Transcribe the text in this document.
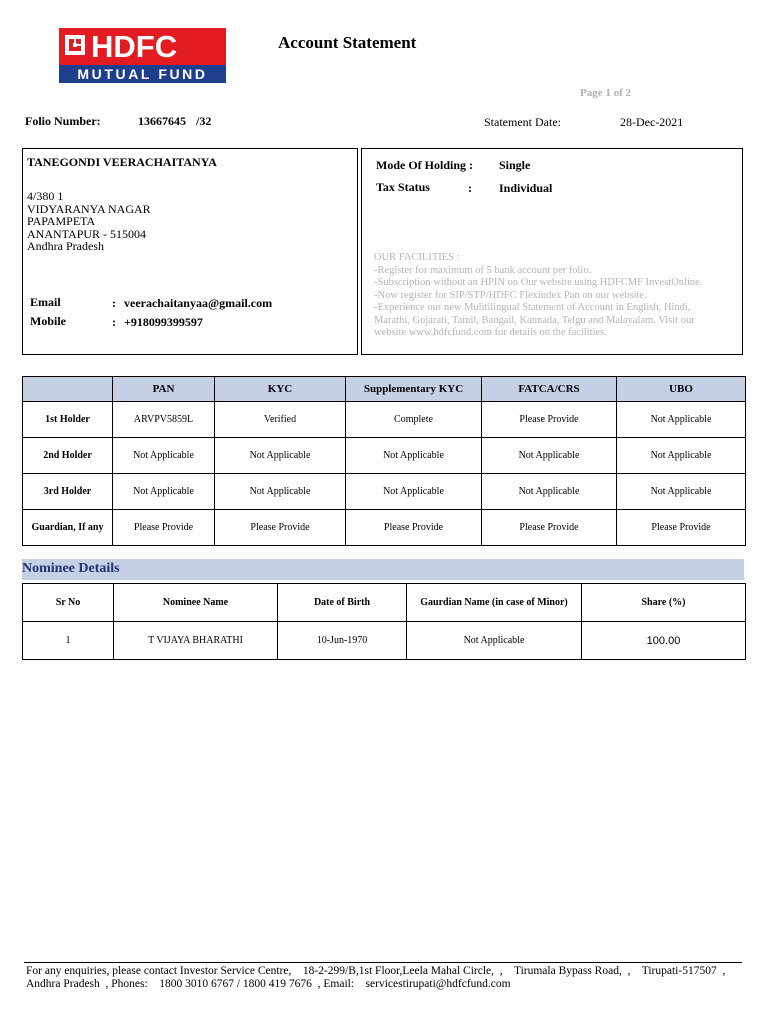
HDFC
MUTUAL FUND
Account Statement
Page 1 of 2
Folio Number:	13667645 /32	Statement Date:	28-Dec-2021
TANEGONDI VEERACHAITANYA
4/380 1
VIDYARANYA NAGAR
PAPAMPETA
ANANTAPUR - 515004
Andhra Pradesh
Email	: veerachaitanyaa@gmail.com
Mobile	: +918099399597
Mode Of Holding : Single
Tax Status	: Individual
OUR FACILITIES :
-Register for maximum of 5 bank account per folio.
-Subscription without an HPIN on Our website using HDFCMF InvestOnline.
-Now register for SIP/STP/HDFC Flexindex Pan on our website.
-Experience our new Mulitilingual Statement of Account in English, Hindi,
Marathi, Gujarati, Tamil, Bangail, Kannada, Telgu and Malayalam. Visit our
website www.hdfcfund.com for details on the facilities.
	PAN	KYC	Supplementary KYC	FATCA/CRS	UBO
1st Holder	ARVPV5859L	Verified	Complete	Please Provide	Not Applicable
2nd Holder	Not Applicable	Not Applicable	Not Applicable	Not Applicable	Not Applicable
3rd Holder	Not Applicable	Not Applicable	Not Applicable	Not Applicable	Not Applicable
Guardian, If any	Please Provide	Please Provide	Please Provide	Please Provide	Please Provide
Nominee Details
Sr No	Nominee Name	Date of Birth	Gaurdian Name (in case of Minor)	Share (%)
1	T VIJAYA BHARATHI	10-Jun-1970	Not Applicable	100.00
For any enquiries, please contact Investor Service Centre,    18-2-299/B,1st Floor,Leela Mahal Circle,  ,    Tirumala Bypass Road,  ,    Tirupati-517507  ,
Andhra Pradesh  , Phones:    1800 3010 6767 / 1800 419 7676  , Email:    servicestirupati@hdfcfund.com
